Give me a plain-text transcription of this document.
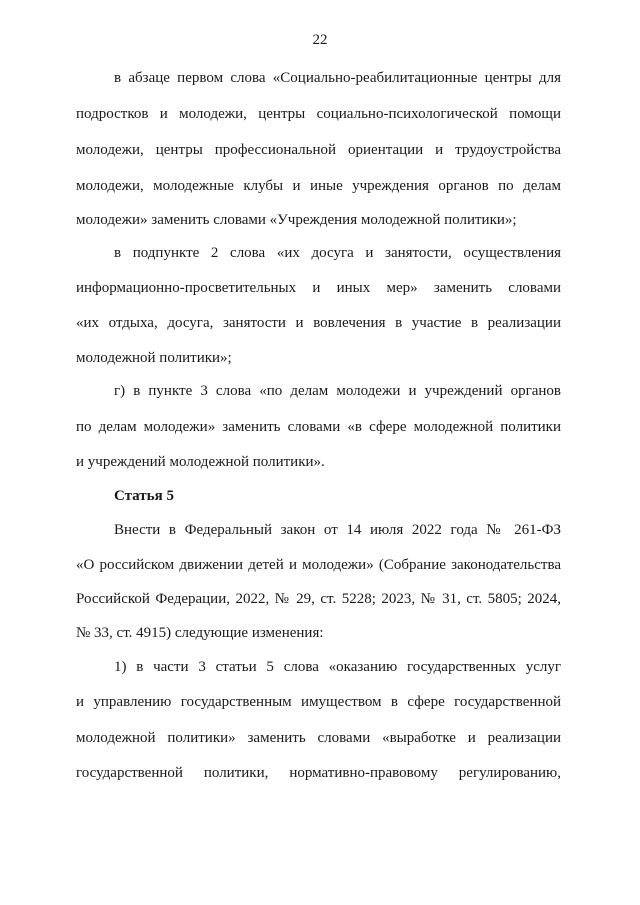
22
в абзаце первом слова «Социально-реабилитационные центры для
подростков и молодежи, центры социально-психологической помощи
молодежи, центры профессиональной ориентации и трудоустройства
молодежи, молодежные клубы и иные учреждения органов по делам
молодежи» заменить словами «Учреждения молодежной политики»;
в подпункте 2 слова «их досуга и занятости, осуществления
информационно-просветительных и иных мер» заменить словами
«их отдыха, досуга, занятости и вовлечения в участие в реализации
молодежной политики»;
г) в пункте 3 слова «по делам молодежи и учреждений органов
по делам молодежи» заменить словами «в сфере молодежной политики
и учреждений молодежной политики».
Статья 5
Внести в Федеральный закон от 14 июля 2022 года № 261-ФЗ
«О российском движении детей и молодежи» (Собрание законодательства
Российской Федерации, 2022, № 29, ст. 5228; 2023, № 31, ст. 5805; 2024,
№ 33, ст. 4915) следующие изменения:
1) в части 3 статьи 5 слова «оказанию государственных услуг
и управлению государственным имуществом в сфере государственной
молодежной политики» заменить словами «выработке и реализации
государственной политики, нормативно-правовому регулированию,
